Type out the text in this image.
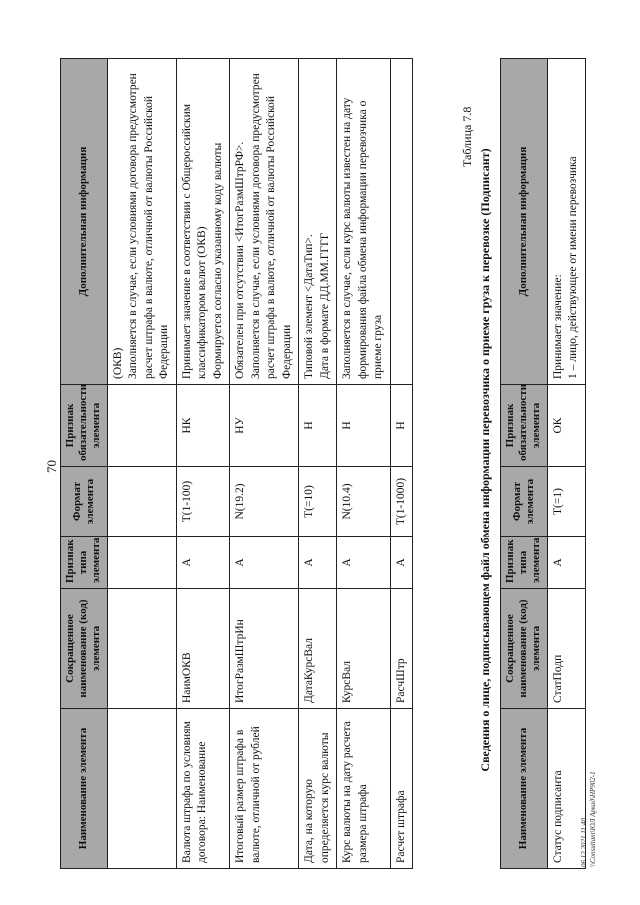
70
Наименование элемента	Сокращенное наименование (код) элемента	Признак типа элемента	Формат элемента	Признак обязательности элемента	Дополнительная информация
					(ОКВ)
Заполняется в случае, если условиями договора предусмотрен расчет штрафа в валюте, отличной от валюты Российской Федерации
Валюта штрафа по условиям договора: Наименование	НаимОКВ	А	T(1-100)	НК	Принимает значение в соответствии с Общероссийским классификатором валют (ОКВ)
Формируется согласно указанному коду валюты
Итоговый размер штрафа в валюте, отличной от рублей	ИтогРазмШтрИн	А	N(19.2)	НУ	Обязателен при отсутствии <ИтогРазмШтрРФ>.
Заполняется в случае, если условиями договора предусмотрен расчет штрафа в валюте, отличной от валюты Российской Федерации
Дата, на которую определяется курс валюты	ДатаКурсВал	А	T(=10)	Н	Типовой элемент <ДатаТип>.
Дата в формате ДД.ММ.ГГГГ
Курс валюты на дату расчета размера штрафа	КурсВал	А	N(10.4)	Н	Заполняется в случае, если курс валюты известен на дату формирования файла обмена информации перевозчика о приеме груза
Расчет штрафа	РасчШтр	А	T(1-1000)	Н	
Таблица 7.8
Сведения о лице, подписывающем файл обмена информации перевозчика о приеме груза к перевозке (Подписант)
Наименование элемента	Сокращенное наименование (код) элемента	Признак типа элемента	Формат элемента	Признак обязательности элемента	Дополнительная информация
Статус подписанта	СтатПодп	А	T(=1)	ОК	Принимает значение:
1 – лицо, действующее от имени перевозчика
06.12.2021 11:40 \\Consultant\ЮЛ Аркад\HP902-1
